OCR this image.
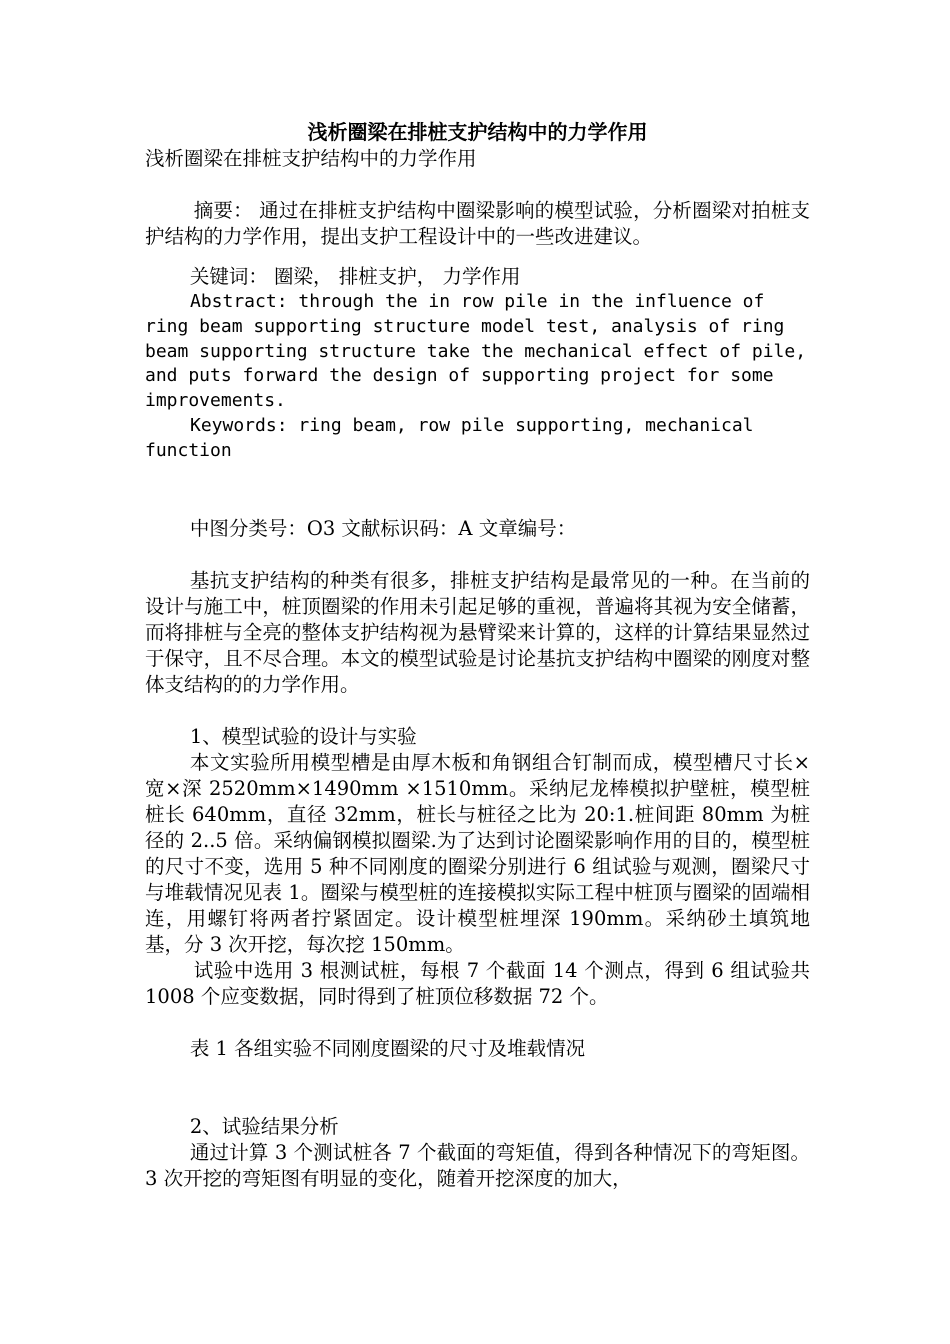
浅析圈梁在排桩支护结构中的力学作用

浅析圈梁在排桩支护结构中的力学作用

摘要： 通过在排桩支护结构中圈梁影响的模型试验，分析圈梁对拍桩支护结构的力学作用，提出支护工程设计中的一些改进建议。

关键词： 圈梁， 排桩支护， 力学作用

Abstract: through the in row pile in the influence of ring beam supporting structure model test, analysis of ring beam supporting structure take the mechanical effect of pile, and puts forward the design of supporting project for some improvements.

Keywords: ring beam, row pile supporting, mechanical function

中图分类号：O3 文献标识码：A 文章编号：

基抗支护结构的种类有很多，排桩支护结构是最常见的一种。在当前的设计与施工中，桩顶圈梁的作用未引起足够的重视，普遍将其视为安全储蓄，而将排桩与全亮的整体支护结构视为悬臂梁来计算的，这样的计算结果显然过于保守，且不尽合理。本文的模型试验是讨论基抗支护结构中圈梁的刚度对整体支结构的的力学作用。

1、模型试验的设计与实验

本文实验所用模型槽是由厚木板和角钢组合钉制而成，模型槽尺寸长×宽×深 2520mm×1490mm ×1510mm。采纳尼龙棒模拟护壁桩，模型桩桩长 640mm，直径 32mm，桩长与桩径之比为 20:1.桩间距 80mm 为桩径的 2..5 倍。采纳偏钢模拟圈梁.为了达到讨论圈梁影响作用的目的，模型桩的尺寸不变，选用 5 种不同刚度的圈梁分别进行 6 组试验与观测，圈梁尺寸与堆载情况见表 1。圈梁与模型桩的连接模拟实际工程中桩顶与圈梁的固端相连，用螺钉将两者拧紧固定。设计模型桩埋深 190mm。采纳砂土填筑地基，分 3 次开挖，每次挖 150mm。

试验中选用 3 根测试桩，每根 7 个截面 14 个测点，得到 6 组试验共 1008 个应变数据，同时得到了桩顶位移数据 72 个。

表 1 各组实验不同刚度圈梁的尺寸及堆载情况

2、试验结果分析

通过计算 3 个测试桩各 7 个截面的弯矩值，得到各种情况下的弯矩图。3 次开挖的弯矩图有明显的变化，随着开挖深度的加大，
